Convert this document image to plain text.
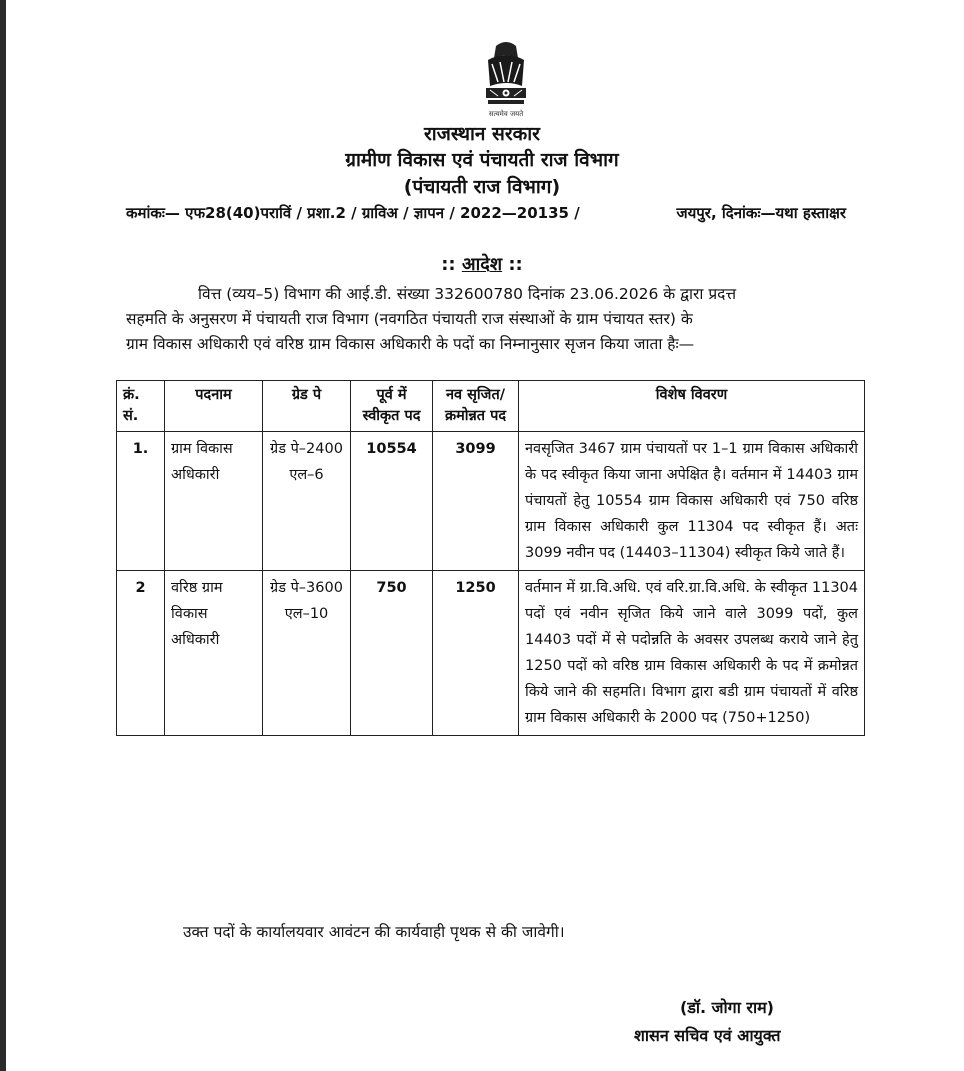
सत्यमेव जयते
राजस्थान सरकार
ग्रामीण विकास एवं पंचायती राज विभाग
(पंचायती राज विभाग)
कमांकः— एफ28(40)पराविं / प्रशा.2 / ग्राविअ / ज्ञापन / 2022—20135 /	जयपुर, दिनांकः—यथा हस्ताक्षर
:: आदेश ::
वित्त (व्यय–5) विभाग की आई.डी. संख्या 332600780 दिनांक 23.06.2026 के द्वारा प्रदत्त
सहमति के अनुसरण में पंचायती राज विभाग (नवगठित पंचायती राज संस्थाओं के ग्राम पंचायत स्तर) के
ग्राम विकास अधिकारी एवं वरिष्ठ ग्राम विकास अधिकारी के पदों का निम्नानुसार सृजन किया जाता हैः—
क्रं. सं.	पदनाम	ग्रेड पे	पूर्व में स्वीकृत पद	नव सृजित/ क्रमोन्नत पद	विशेष विवरण
1.	ग्राम विकास अधिकारी	ग्रेड पे–2400 एल–6	10554	3099	नवसृजित 3467 ग्राम पंचायतों पर 1–1 ग्राम विकास अधिकारी के पद स्वीकृत किया जाना अपेक्षित है। वर्तमान में 14403 ग्राम पंचायतों हेतु 10554 ग्राम विकास अधिकारी एवं 750 वरिष्ठ ग्राम विकास अधिकारी कुल 11304 पद स्वीकृत हैं। अतः 3099 नवीन पद (14403–11304) स्वीकृत किये जाते हैं।
2	वरिष्ठ ग्राम विकास अधिकारी	ग्रेड पे–3600 एल–10	750	1250	वर्तमान में ग्रा.वि.अधि. एवं वरि.ग्रा.वि.अधि. के स्वीकृत 11304 पदों एवं नवीन सृजित किये जाने वाले 3099 पदों, कुल 14403 पदों में से पदोन्नति के अवसर उपलब्ध कराये जाने हेतु 1250 पदों को वरिष्ठ ग्राम विकास अधिकारी के पद में क्रमोन्नत किये जाने की सहमति। विभाग द्वारा बडी ग्राम पंचायतों में वरिष्ठ ग्राम विकास अधिकारी के 2000 पद (750+1250)
उक्त पदों के कार्यालयवार आवंटन की कार्यवाही पृथक से की जावेगी।
(डॉ. जोगा राम)
शासन सचिव एवं आयुक्त
